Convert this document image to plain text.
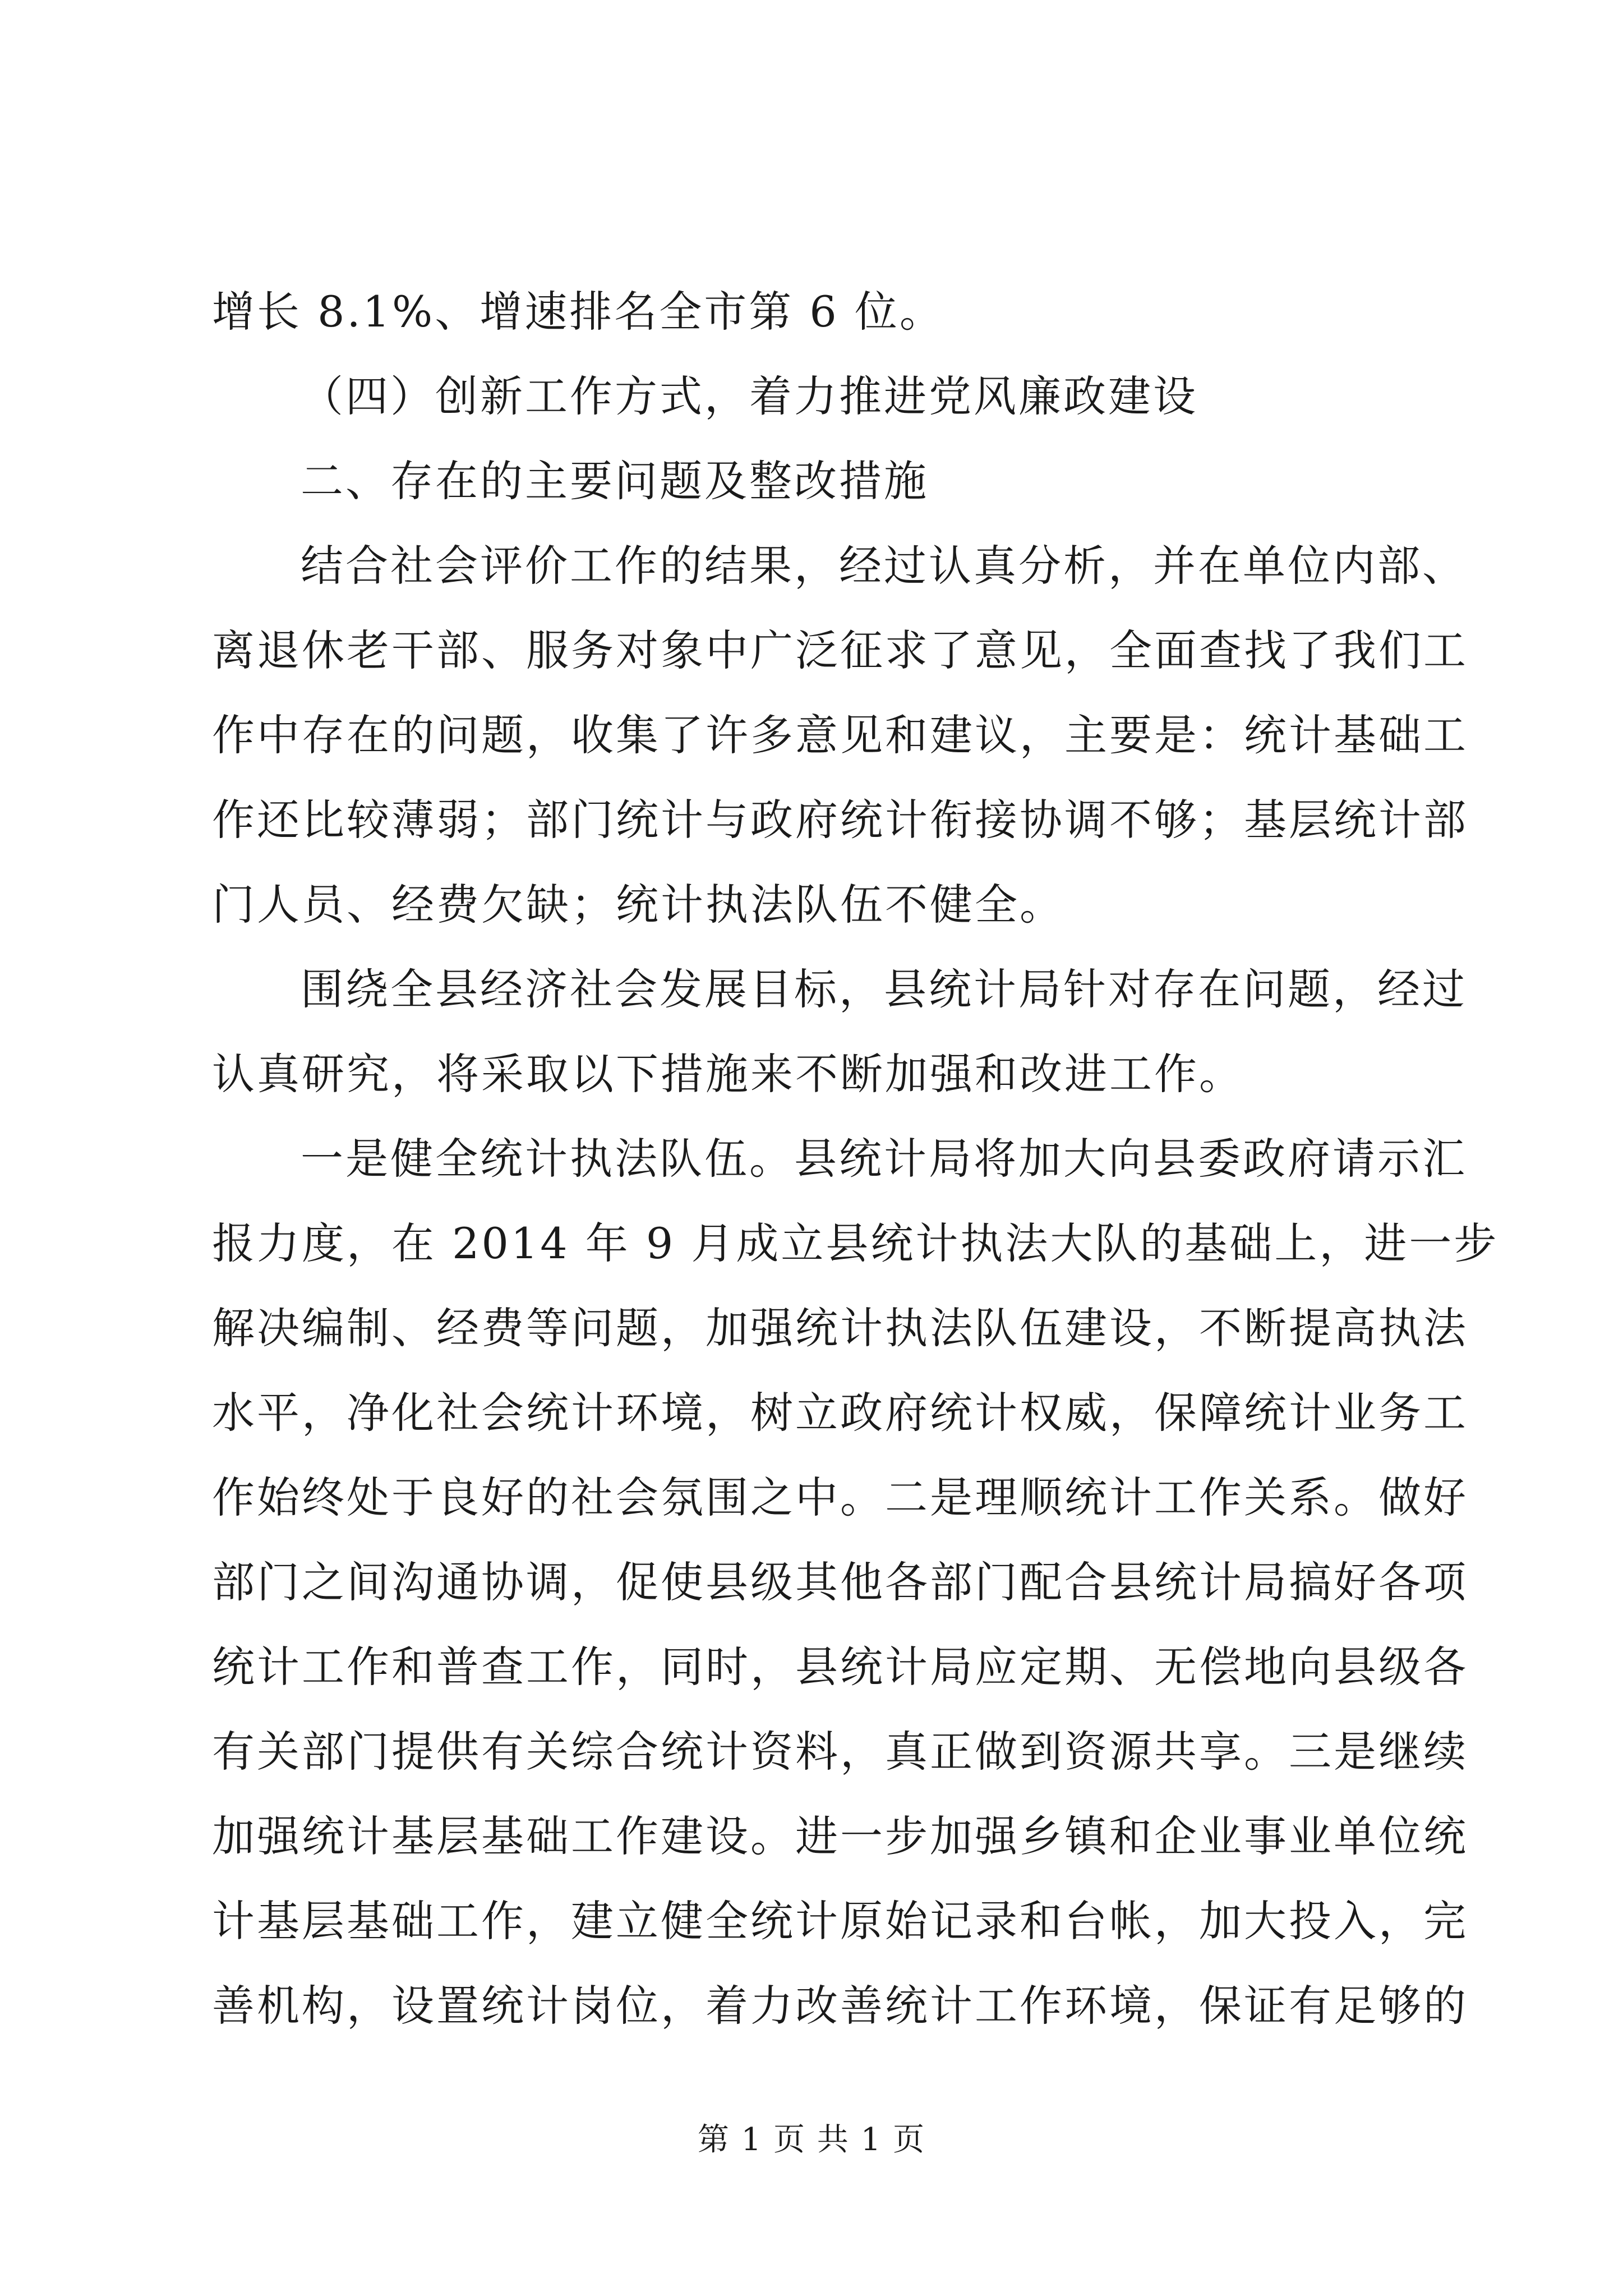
增长 8.1%、增速排名全市第 6 位。
（四）创新工作方式，着力推进党风廉政建设
二、存在的主要问题及整改措施
结合社会评价工作的结果，经过认真分析，并在单位内部、
离退休老干部、服务对象中广泛征求了意见，全面查找了我们工
作中存在的问题，收集了许多意见和建议，主要是：统计基础工
作还比较薄弱；部门统计与政府统计衔接协调不够；基层统计部
门人员、经费欠缺；统计执法队伍不健全。
围绕全县经济社会发展目标，县统计局针对存在问题，经过
认真研究，将采取以下措施来不断加强和改进工作。
一是健全统计执法队伍。县统计局将加大向县委政府请示汇
报力度，在 2014 年 9 月成立县统计执法大队的基础上，进一步
解决编制、经费等问题，加强统计执法队伍建设，不断提高执法
水平，净化社会统计环境，树立政府统计权威，保障统计业务工
作始终处于良好的社会氛围之中。二是理顺统计工作关系。做好
部门之间沟通协调，促使县级其他各部门配合县统计局搞好各项
统计工作和普查工作，同时，县统计局应定期、无偿地向县级各
有关部门提供有关综合统计资料，真正做到资源共享。三是继续
加强统计基层基础工作建设。进一步加强乡镇和企业事业单位统
计基层基础工作，建立健全统计原始记录和台帐，加大投入，完
善机构，设置统计岗位，着力改善统计工作环境，保证有足够的
第 1 页 共 1 页
